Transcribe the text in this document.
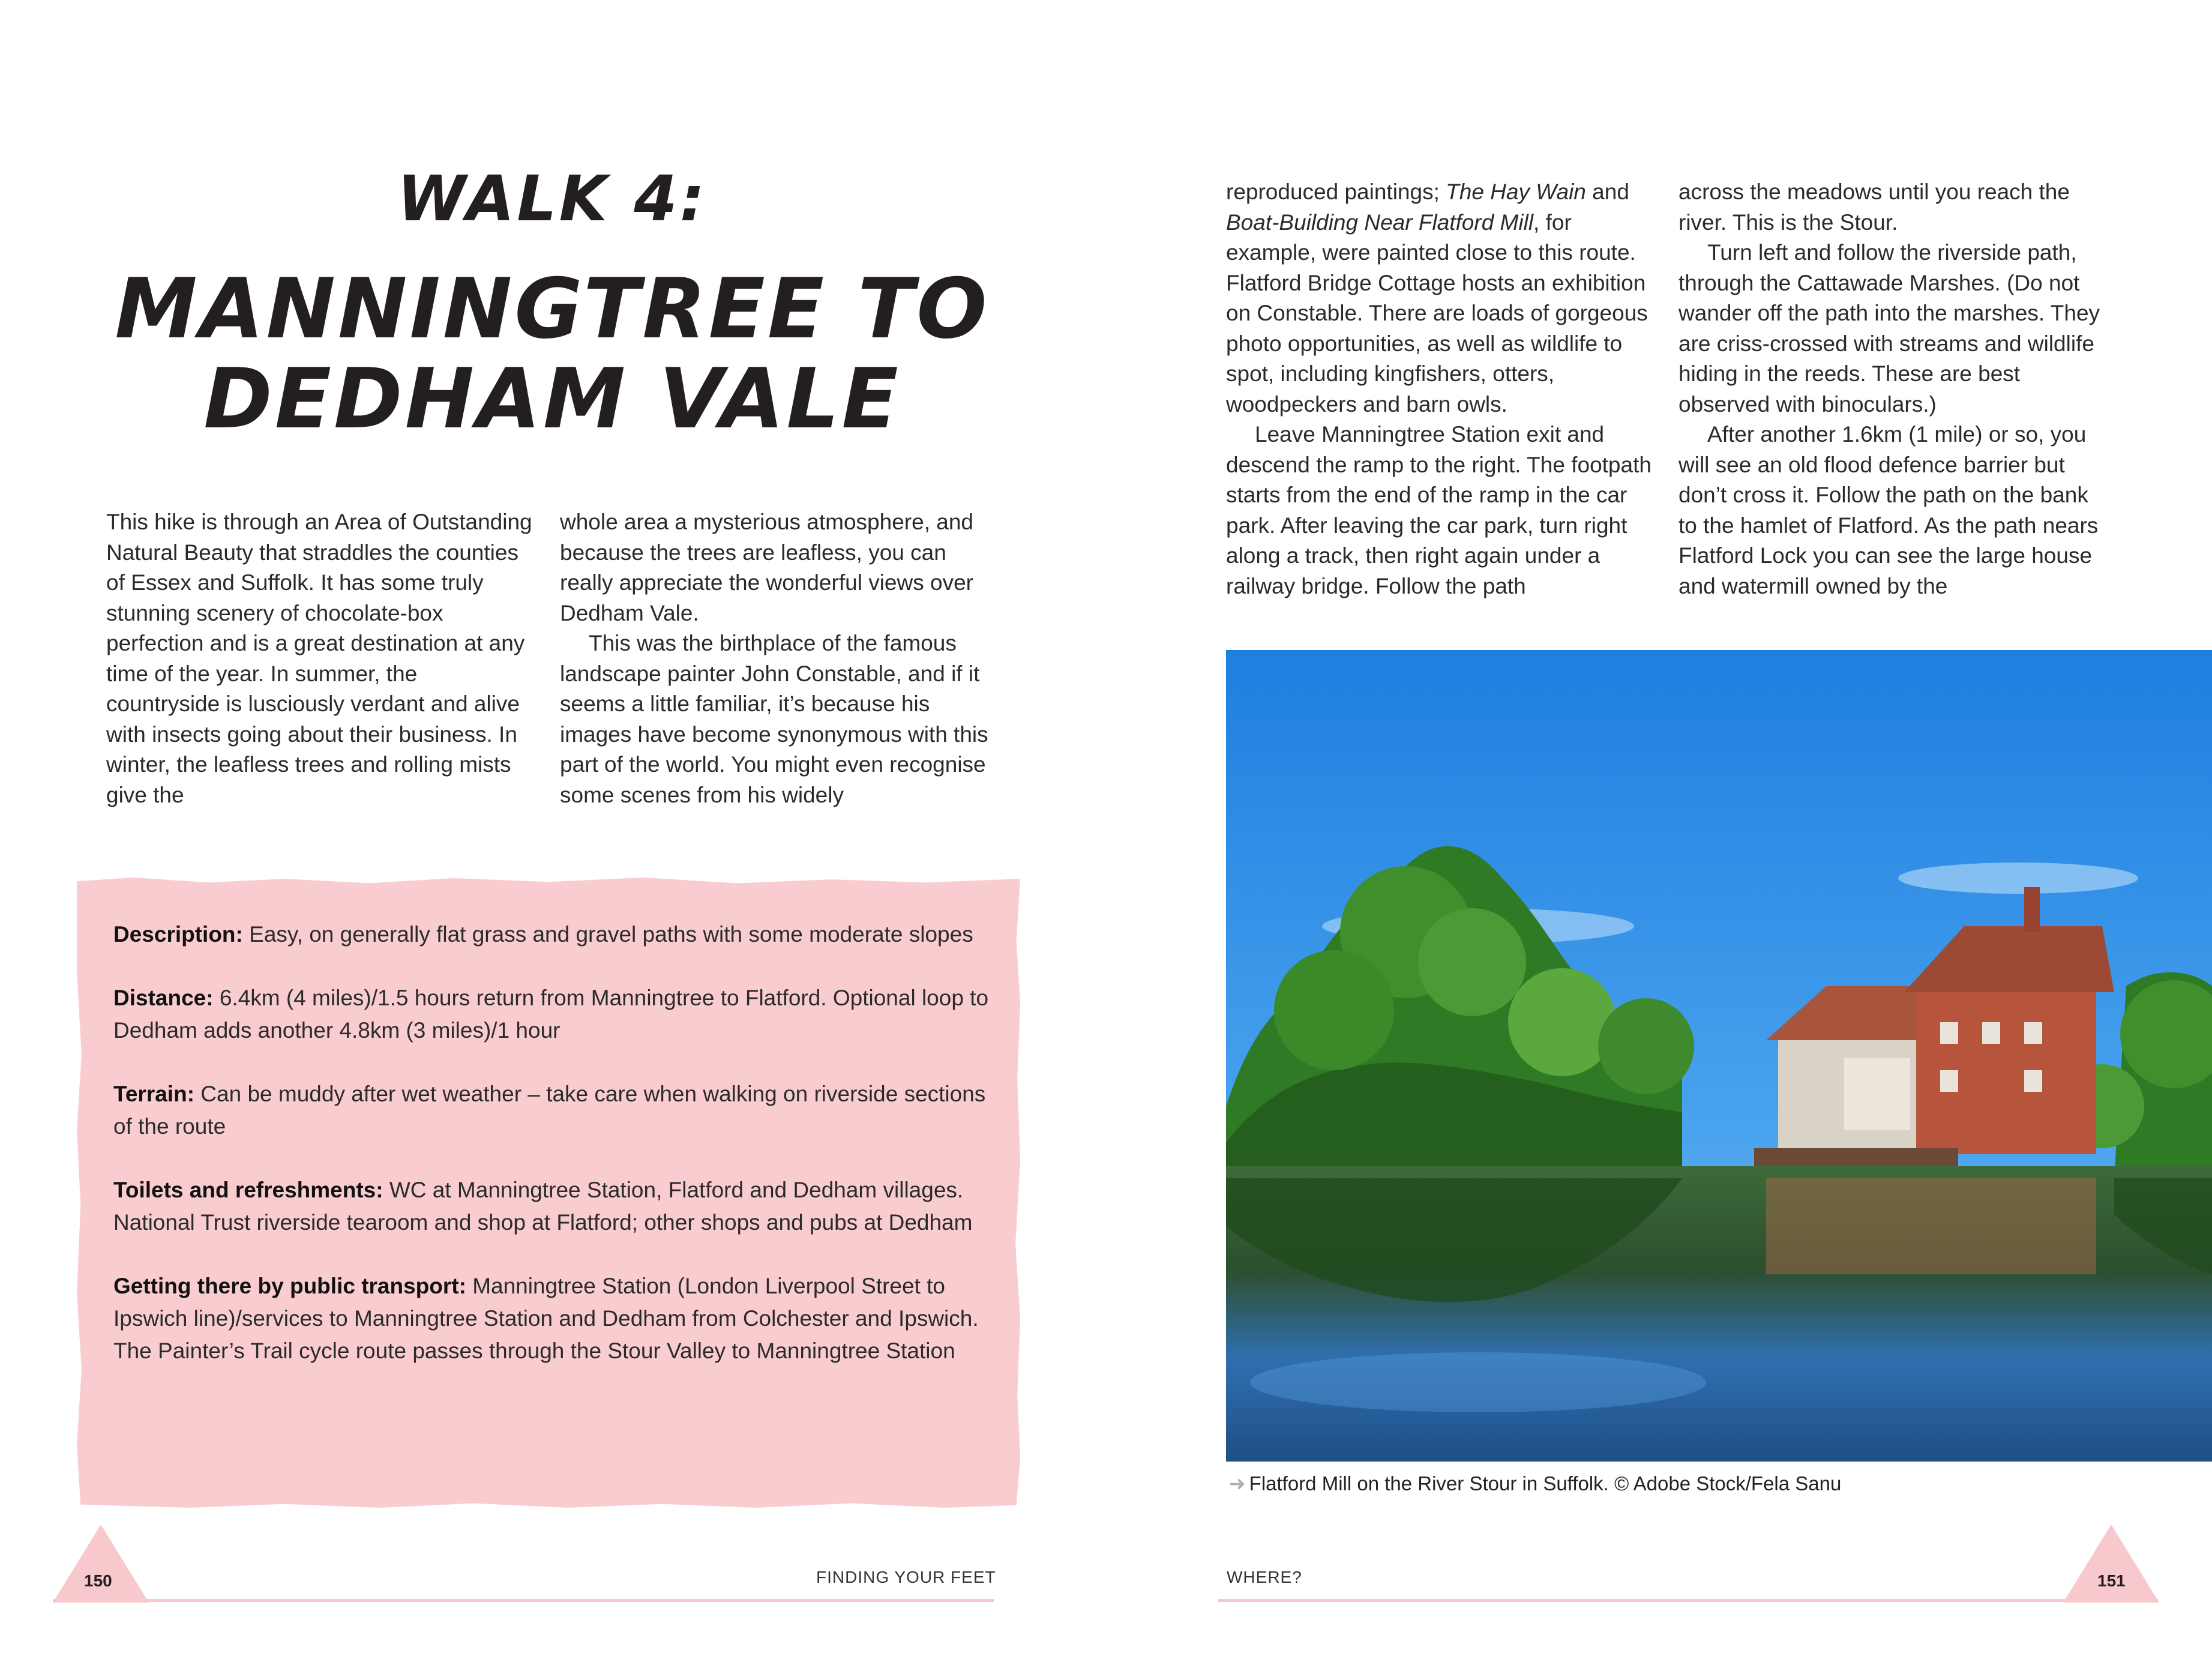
WALK 4:
MANNINGTREE TO
DEDHAM VALE

This hike is through an Area of Outstanding Natural Beauty that straddles the counties of Essex and Suffolk. It has some truly stunning scenery of chocolate-box perfection and is a great destination at any time of the year. In summer, the countryside is lusciously verdant and alive with insects going about their business. In winter, the leafless trees and rolling mists give the

whole area a mysterious atmosphere, and because the trees are leafless, you can really appreciate the wonderful views over Dedham Vale.

This was the birthplace of the famous landscape painter John Constable, and if it seems a little familiar, it’s because his images have become synonymous with this part of the world. You might even recognise some scenes from his widely

Description: Easy, on generally flat grass and gravel paths with some moderate slopes

Distance: 6.4km (4 miles)/1.5 hours return from Manningtree to Flatford. Optional loop to Dedham adds another 4.8km (3 miles)/1 hour

Terrain: Can be muddy after wet weather – take care when walking on riverside sections of the route

Toilets and refreshments: WC at Manningtree Station, Flatford and Dedham villages. National Trust riverside tearoom and shop at Flatford; other shops and pubs at Dedham

Getting there by public transport: Manningtree Station (London Liverpool Street to Ipswich line)/services to Manningtree Station and Dedham from Colchester and Ipswich. The Painter’s Trail cycle route passes through the Stour Valley to Manningtree Station

150	FINDING YOUR FEET

reproduced paintings; The Hay Wain and Boat-Building Near Flatford Mill, for example, were painted close to this route. Flatford Bridge Cottage hosts an exhibition on Constable. There are loads of gorgeous photo opportunities, as well as wildlife to spot, including kingfishers, otters, woodpeckers and barn owls.

Leave Manningtree Station exit and descend the ramp to the right. The footpath starts from the end of the ramp in the car park. After leaving the car park, turn right along a track, then right again under a railway bridge. Follow the path

across the meadows until you reach the river. This is the Stour.

Turn left and follow the riverside path, through the Cattawade Marshes. (Do not wander off the path into the marshes. They are criss-crossed with streams and wildlife hiding in the reeds. These are best observed with binoculars.)

After another 1.6km (1 mile) or so, you will see an old flood defence barrier but don’t cross it. Follow the path on the bank to the hamlet of Flatford. As the path nears Flatford Lock you can see the large house and watermill owned by the

➜ Flatford Mill on the River Stour in Suffolk. © Adobe Stock/Fela Sanu
WHERE?	151
